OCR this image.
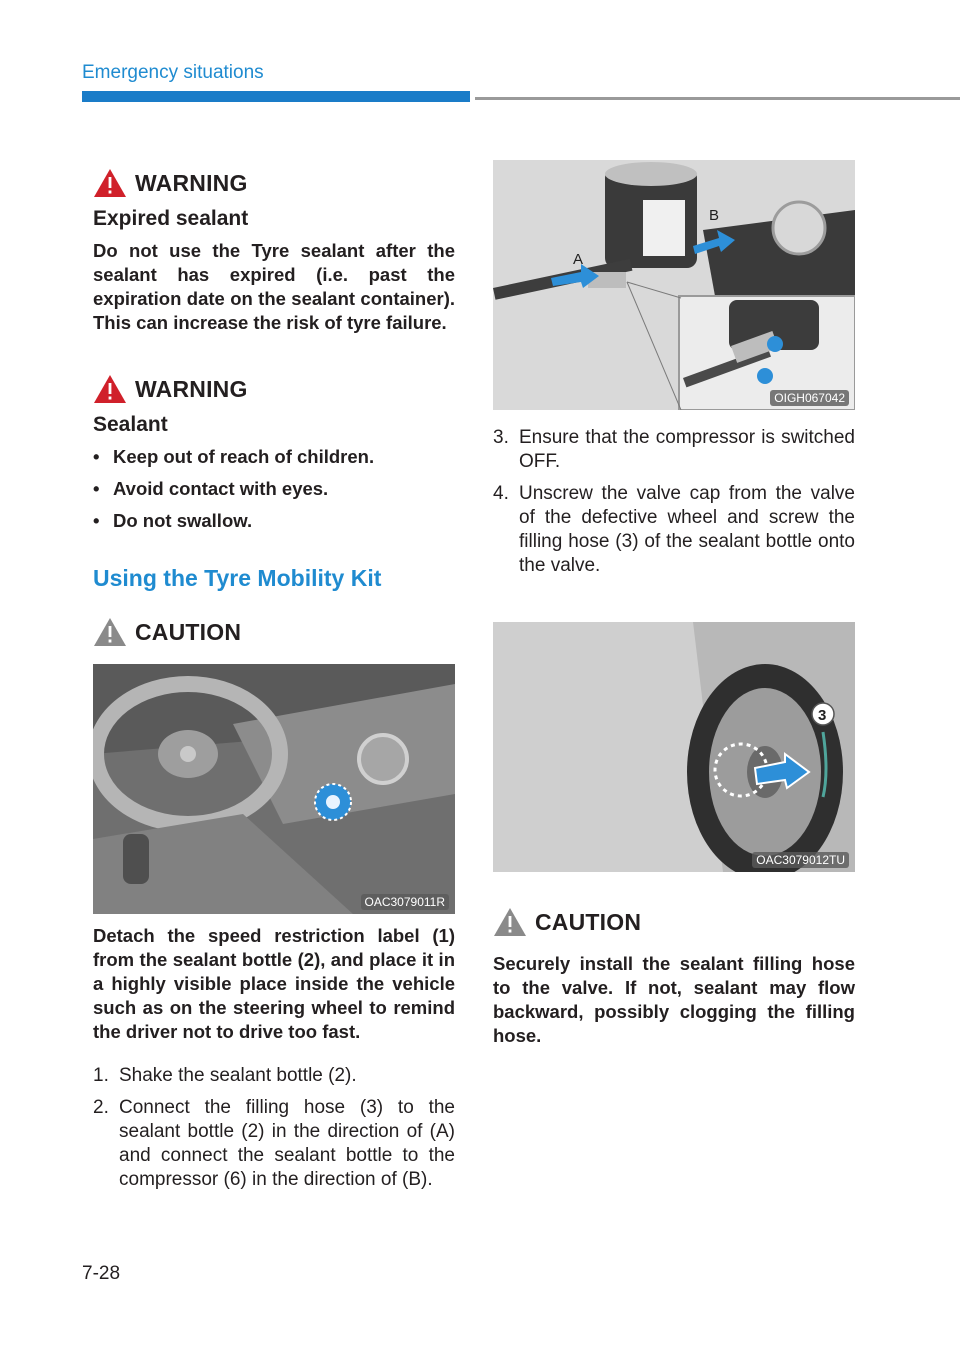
Emergency situations
WARNING
Expired sealant

Do not use the Tyre sealant after the sealant has expired (i.e. past the expiration date on the sealant container). This can increase the risk of tyre failure.

WARNING
Sealant
• Keep out of reach of children.
• Avoid contact with eyes.
• Do not swallow.
Using the Tyre Mobility Kit
CAUTION
OAC3079011R

Detach the speed restriction label (1) from the sealant bottle (2), and place it in a highly visible place inside the vehicle such as on the steering wheel to remind the driver not to drive too fast.

1. Shake the sealant bottle (2).
2. Connect the filling hose (3) to the sealant bottle (2) in the direction of (A) and connect the sealant bottle to the compressor (6) in the direction of (B).
A
B
OIGH067042
3. Ensure that the compressor is switched OFF.
4. Unscrew the valve cap from the valve of the defective wheel and screw the filling hose (3) of the sealant bottle onto the valve.
3
OAC3079012TU
CAUTION

Securely install the sealant filling hose to the valve. If not, sealant may flow backward, possibly clogging the filling hose.

7-28
